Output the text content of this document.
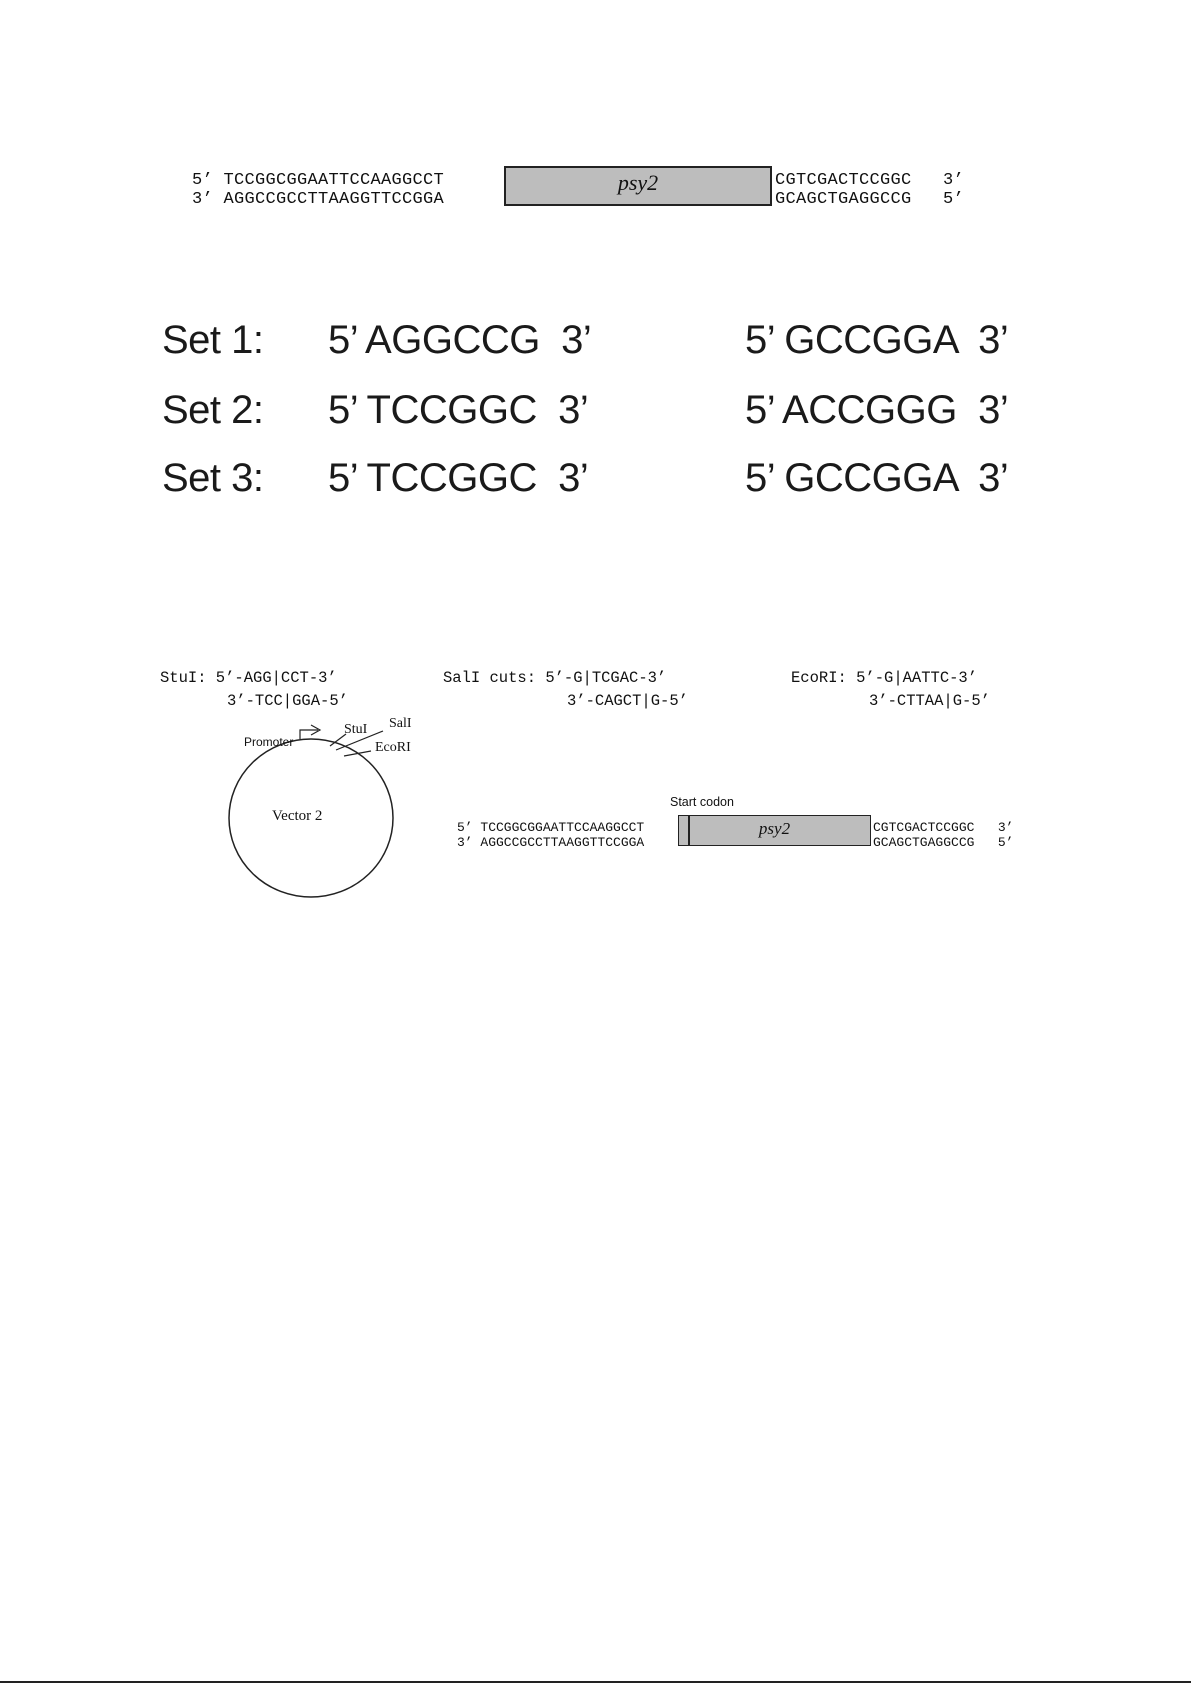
5’ TCCGGCGGAATTCCAAGGCCT
3’ AGGCCGCCTTAAGGTTCCGGA
psy2	CGTCGACTCCGGC   3’
GCAGCTGAGGCCG   5’
Set 1: 5’ AGGCCG  3’	5’ GCCGGA  3’
Set 2: 5’ TCCGGC  3’	5’ ACCGGG  3’
Set 3: 5’ TCCGGC  3’	5’ GCCGGA  3’
StuI: 5’-AGG|CCT-3’
3’-TCC|GGA-5’
SalI cuts: 5’-G|TCGAC-3’
3’-CAGCT|G-5’
EcoRI: 5’-G|AATTC-3’
3’-CTTAA|G-5’
Promoter
StuI SalI
EcoRI
Vector 2
Start codon
5’ TCCGGCGGAATTCCAAGGCCT
3’ AGGCCGCCTTAAGGTTCCGGA
psy2	CGTCGACTCCGGC   3’
GCAGCTGAGGCCG   5’
